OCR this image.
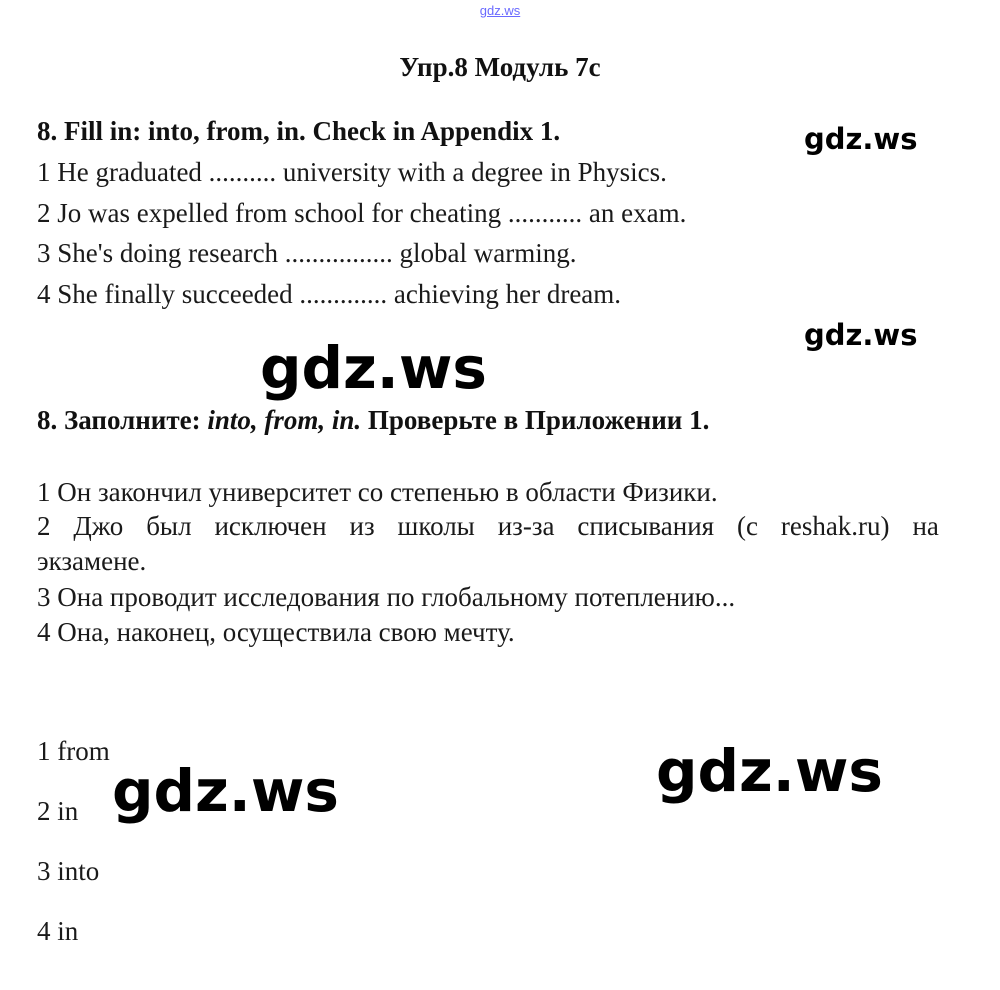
gdz.ws
Упр.8 Модуль 7с
8. Fill in: into, from, in. Check in Appendix 1.
1 He graduated .......... university with a degree in Physics.
2 Jo was expelled from school for cheating ........... an exam.
3 She's doing research ................ global warming.
4 She finally succeeded ............. achieving her dream.
gdz.ws
gdz.ws
gdz.ws
8. Заполните: into, from, in. Проверьте в Приложении 1.
1 Он закончил университет со степенью в области Физики.
2 Джо был исключен из школы из-за списывания (с reshak.ru) на
экзамене.
3 Она проводит исследования по глобальному потеплению...
4 Она, наконец, осуществила свою мечту.
1 from
2 in
3 into
4 in
gdz.ws	gdz.ws
